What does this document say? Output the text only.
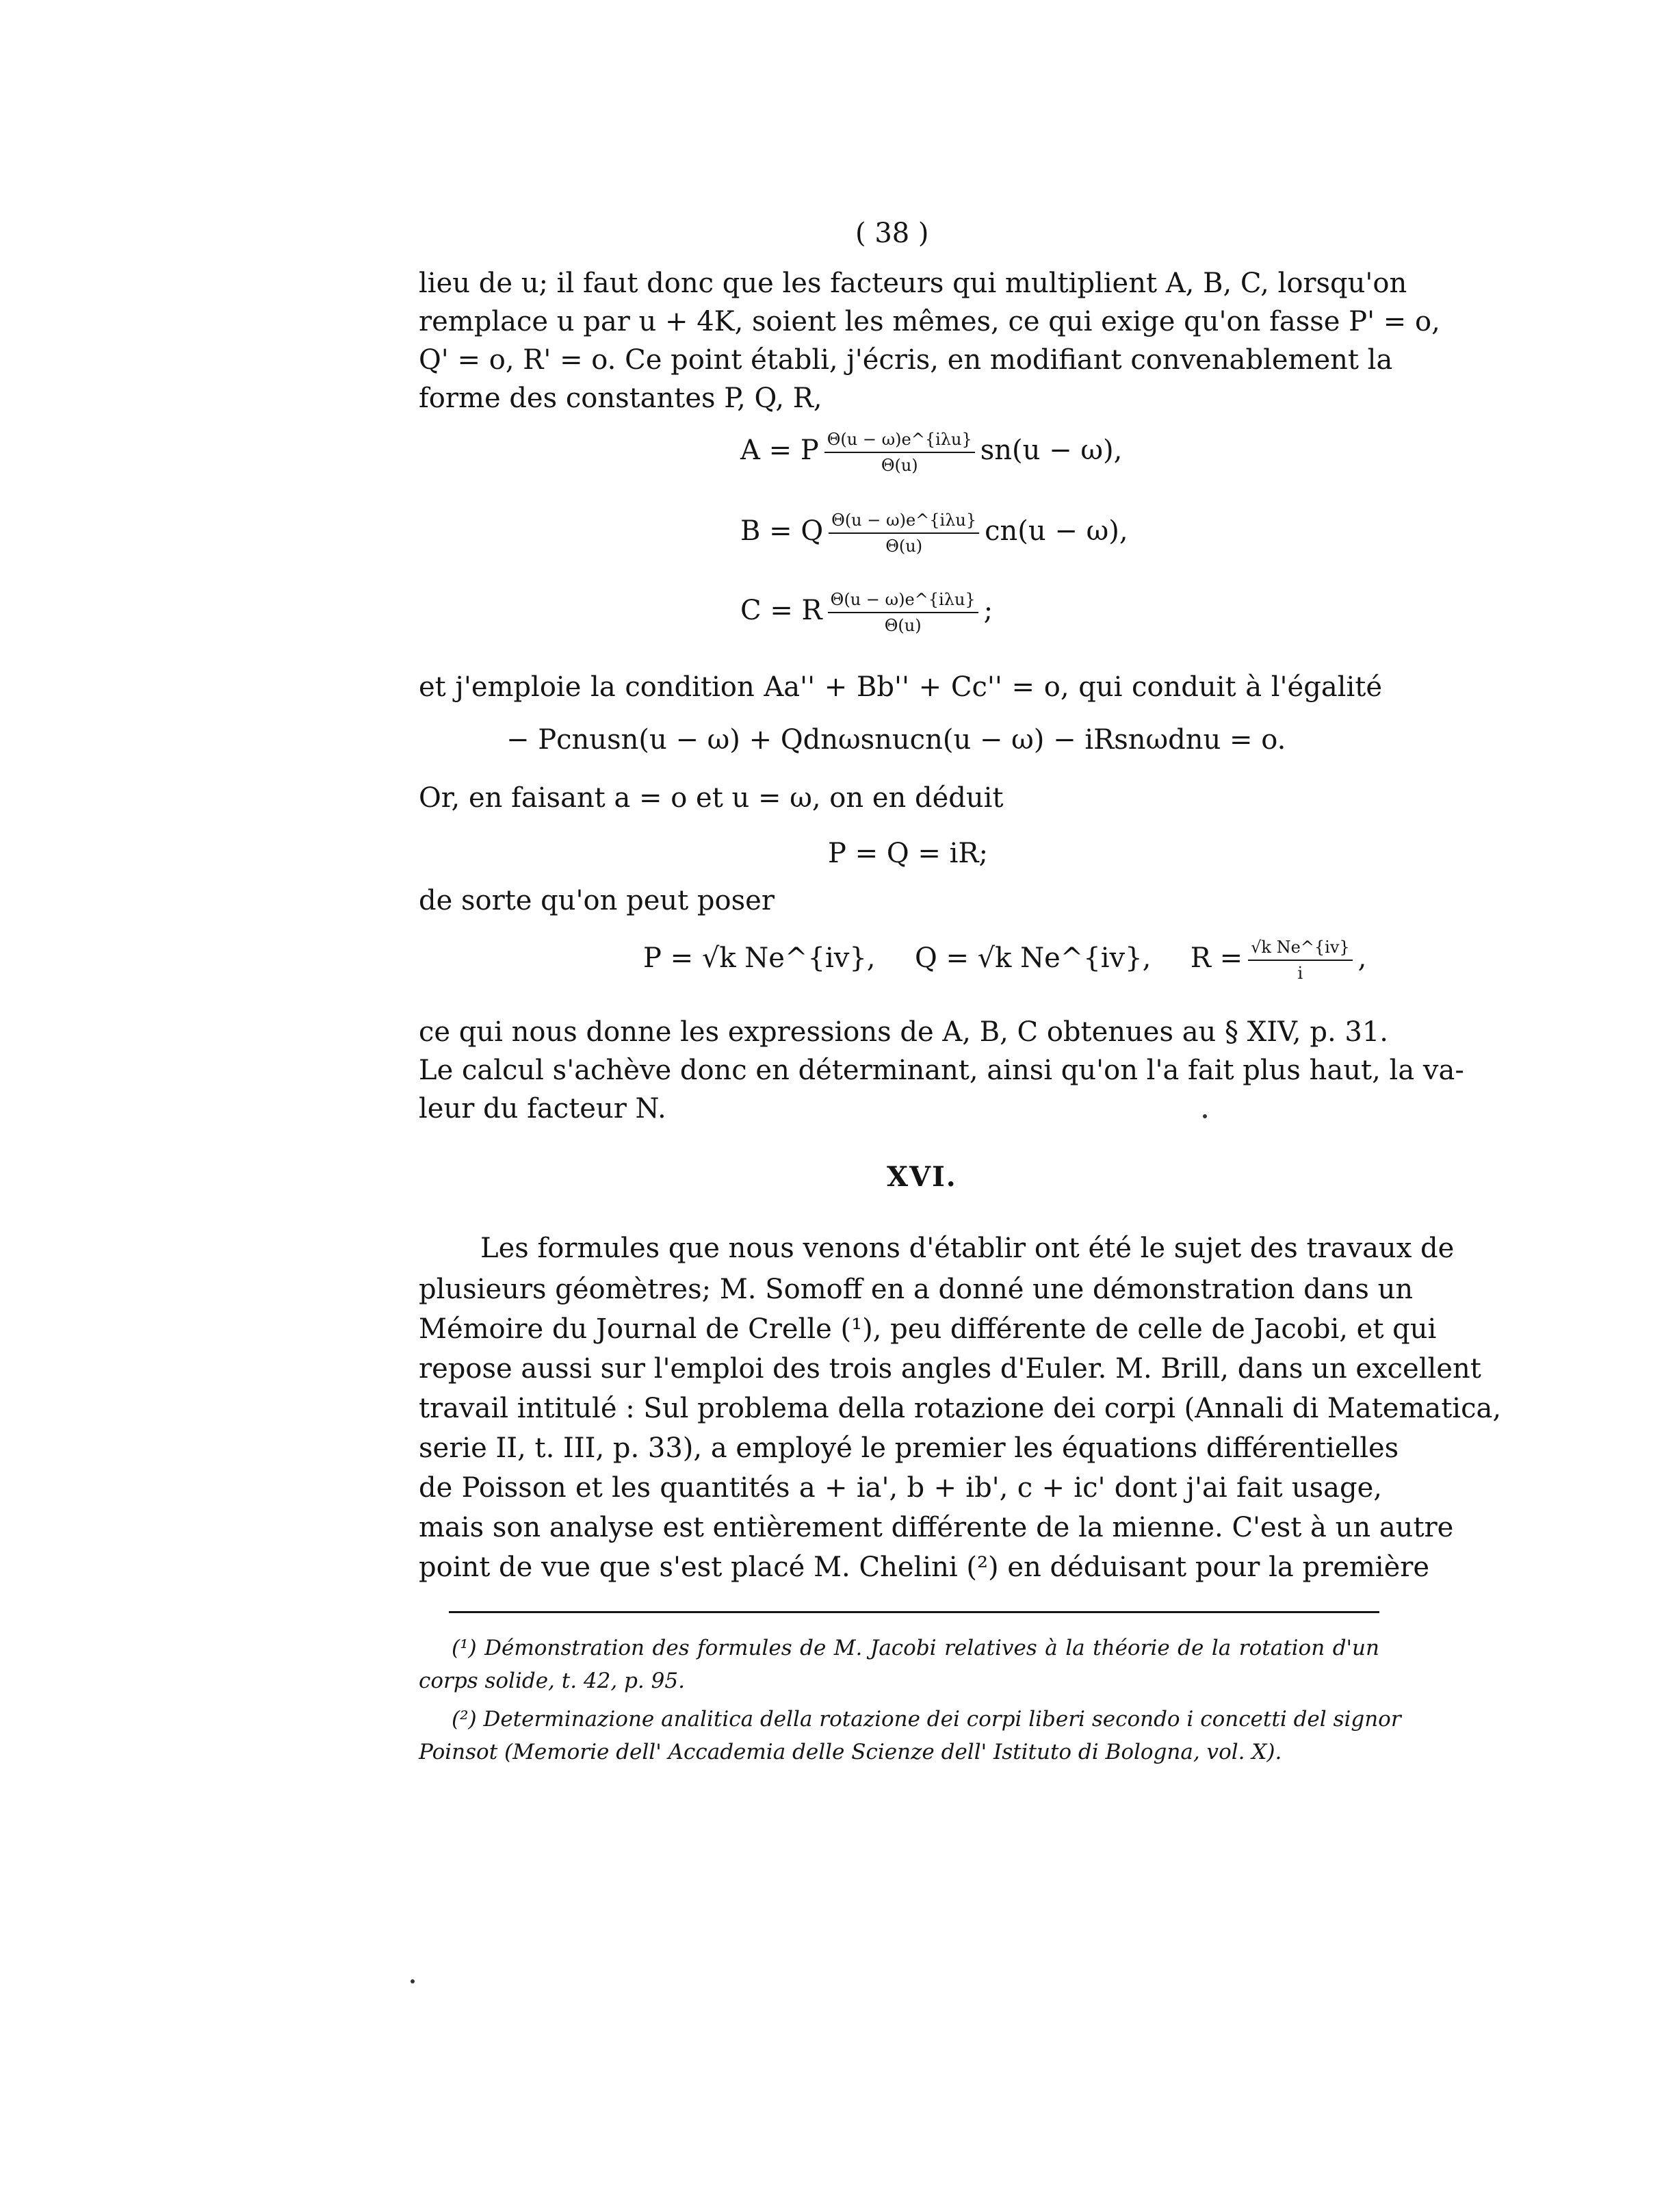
( 38 )
lieu de u; il faut donc que les facteurs qui multiplient A, B, C, lorsqu'on
remplace u par u + 4K, soient les mêmes, ce qui exige qu'on fasse P' = o,
Q' = o, R' = o. Ce point établi, j'écris, en modifiant convenablement la
forme des constantes P, Q, R,
A = P $\frac{\text{Θ(u − ω)e\textasciicircum{}\{iλu\}}}{\Theta(u)} sn(u - \omega)$,
B = Q $\frac{\text{Θ(u − ω)e\textasciicircum{}\{iλu\}}}{\Theta(u)} cn(u - \omega)$,
C = R $\frac{\text{Θ(u − ω)e\textasciicircum{}\{iλu\}}}{\Theta(u)}$ ;
et j'emploie la condition Aa'' + Bb'' + Cc'' = o, qui conduit à l'égalité
− Pcnusn(u − ω) + Qdnωsnucn(u − ω) − iRsnωdnu = o.
Or, en faisant a = o et u = ω, on en déduit
P = Q = iR;
de sorte qu'on peut poser
P = √k Ne^{iv}, Q = √k Ne^{iv}, $R = \frac{\text{√k Ne\textasciicircum{}\{iv\}}}{i}$ ,
ce qui nous donne les expressions de A, B, C obtenues au § XIV, p. 31.
Le calcul s'achève donc en déterminant, ainsi qu'on l'a fait plus haut, la va-
leur du facteur N.
XVI.
Les formules que nous venons d'établir ont été le sujet des travaux de
plusieurs géomètres; M. Somoff en a donné une démonstration dans un
Mémoire du Journal de Crelle (¹), peu différente de celle de Jacobi, et qui
repose aussi sur l'emploi des trois angles d'Euler. M. Brill, dans un excellent
travail intitulé : Sul problema della rotazione dei corpi (Annali di Matematica,
serie II, t. III, p. 33), a employé le premier les équations différentielles
de Poisson et les quantités a + ia', b + ib', c + ic' dont j'ai fait usage,
mais son analyse est entièrement différente de la mienne. C'est à un autre
point de vue que s'est placé M. Chelini (²) en déduisant pour la première
(¹) Démonstration des formules de M. Jacobi relatives à la théorie de la rotation d'un
corps solide, t. 42, p. 95.
(²) Determinazione analitica della rotazione dei corpi liberi secondo i concetti del signor
Poinsot (Memorie dell' Accademia delle Scienze dell' Istituto di Bologna, vol. X).
